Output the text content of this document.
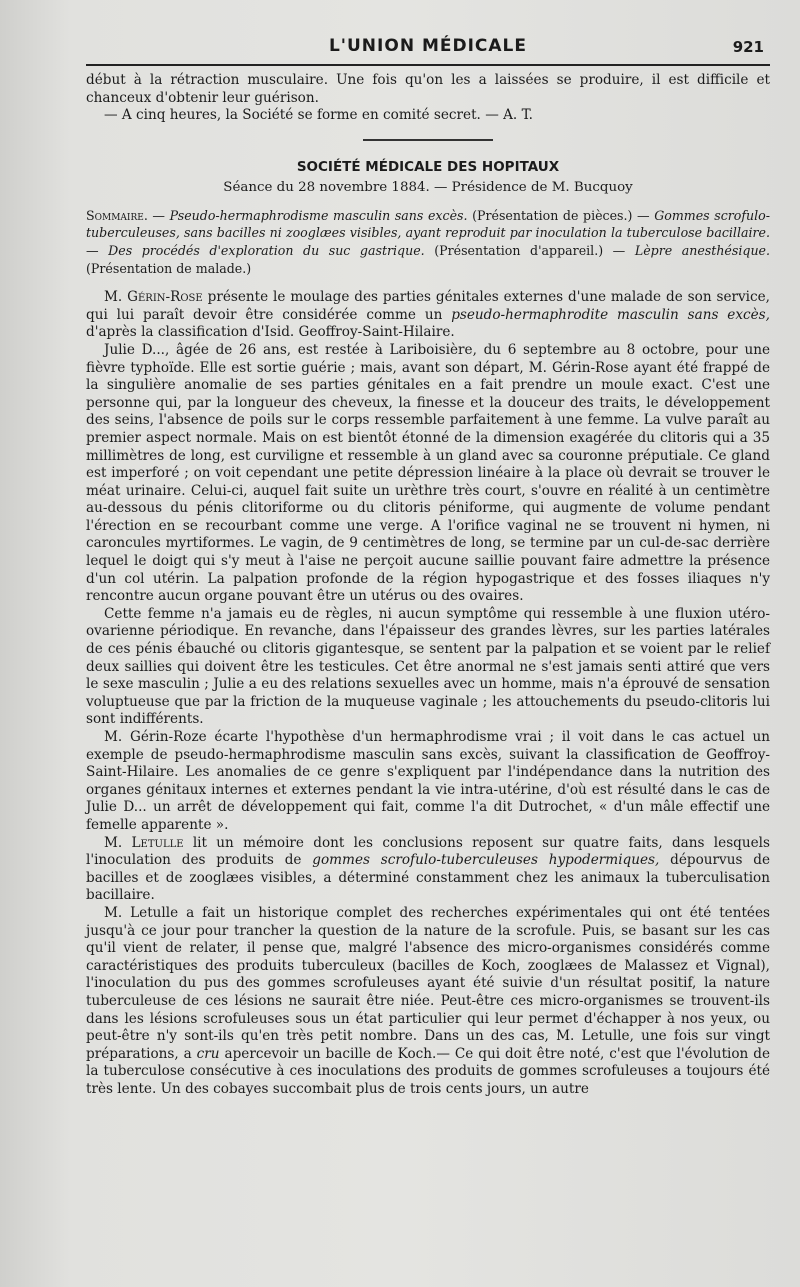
L'UNION MÉDICALE	921

début à la rétraction musculaire. Une fois qu'on les a laissées se produire, il est difficile et chanceux d'obtenir leur guérison.

— A cinq heures, la Société se forme en comité secret. — A. T.

SOCIÉTÉ MÉDICALE DES HOPITAUX
Séance du 28 novembre 1884. — Présidence de M. Bucquoy

Sommaire. — Pseudo-hermaphrodisme masculin sans excès. (Présentation de pièces.) — Gommes scrofulo-tuberculeuses, sans bacilles ni zooglæes visibles, ayant reproduit par inoculation la tuberculose bacillaire. — Des procédés d'exploration du suc gastrique. (Présentation d'appareil.) — Lèpre anesthésique. (Présentation de malade.)

M. Gérin-Rose présente le moulage des parties génitales externes d'une malade de son service, qui lui paraît devoir être considérée comme un pseudo-hermaphrodite masculin sans excès, d'après la classification d'Isid. Geoffroy-Saint-Hilaire.

Julie D..., âgée de 26 ans, est restée à Lariboisière, du 6 septembre au 8 octobre, pour une fièvre typhoïde. Elle est sortie guérie ; mais, avant son départ, M. Gérin-Rose ayant été frappé de la singulière anomalie de ses parties génitales en a fait prendre un moule exact. C'est une personne qui, par la longueur des cheveux, la finesse et la douceur des traits, le développement des seins, l'absence de poils sur le corps ressemble parfaitement à une femme. La vulve paraît au premier aspect normale. Mais on est bientôt étonné de la dimension exagérée du clitoris qui a 35 millimètres de long, est curviligne et ressemble à un gland avec sa couronne préputiale. Ce gland est imperforé ; on voit cependant une petite dépression linéaire à la place où devrait se trouver le méat urinaire. Celui-ci, auquel fait suite un urèthre très court, s'ouvre en réalité à un centimètre au-dessous du pénis clitoriforme ou du clitoris péniforme, qui augmente de volume pendant l'érection en se recourbant comme une verge. A l'orifice vaginal ne se trouvent ni hymen, ni caroncules myrtiformes. Le vagin, de 9 centimètres de long, se termine par un cul-de-sac derrière lequel le doigt qui s'y meut à l'aise ne perçoit aucune saillie pouvant faire admettre la présence d'un col utérin. La palpation profonde de la région hypogastrique et des fosses iliaques n'y rencontre aucun organe pouvant être un utérus ou des ovaires.

Cette femme n'a jamais eu de règles, ni aucun symptôme qui ressemble à une fluxion utéro-ovarienne périodique. En revanche, dans l'épaisseur des grandes lèvres, sur les parties latérales de ces pénis ébauché ou clitoris gigantesque, se sentent par la palpation et se voient par le relief deux saillies qui doivent être les testicules. Cet être anormal ne s'est jamais senti attiré que vers le sexe masculin ; Julie a eu des relations sexuelles avec un homme, mais n'a éprouvé de sensation voluptueuse que par la friction de la muqueuse vaginale ; les attouchements du pseudo-clitoris lui sont indifférents.

M. Gérin-Roze écarte l'hypothèse d'un hermaphrodisme vrai ; il voit dans le cas actuel un exemple de pseudo-hermaphrodisme masculin sans excès, suivant la classification de Geoffroy-Saint-Hilaire. Les anomalies de ce genre s'expliquent par l'indépendance dans la nutrition des organes génitaux internes et externes pendant la vie intra-utérine, d'où est résulté dans le cas de Julie D... un arrêt de développement qui fait, comme l'a dit Dutrochet, « d'un mâle effectif une femelle apparente ».

M. Letulle lit un mémoire dont les conclusions reposent sur quatre faits, dans lesquels l'inoculation des produits de gommes scrofulo-tuberculeuses hypodermiques, dépourvus de bacilles et de zooglæes visibles, a déterminé constamment chez les animaux la tuberculisation bacillaire.

M. Letulle a fait un historique complet des recherches expérimentales qui ont été tentées jusqu'à ce jour pour trancher la question de la nature de la scrofule. Puis, se basant sur les cas qu'il vient de relater, il pense que, malgré l'absence des micro-organismes considérés comme caractéristiques des produits tuberculeux (bacilles de Koch, zooglæes de Malassez et Vignal), l'inoculation du pus des gommes scrofuleuses ayant été suivie d'un résultat positif, la nature tuberculeuse de ces lésions ne saurait être niée. Peut-être ces micro-organismes se trouvent-ils dans les lésions scrofuleuses sous un état particulier qui leur permet d'échapper à nos yeux, ou peut-être n'y sont-ils qu'en très petit nombre. Dans un des cas, M. Letulle, une fois sur vingt préparations, a cru apercevoir un bacille de Koch.— Ce qui doit être noté, c'est que l'évolution de la tuberculose consécutive à ces inoculations des produits de gommes scrofuleuses a toujours été très lente. Un des cobayes succombait plus de trois cents jours, un autre
